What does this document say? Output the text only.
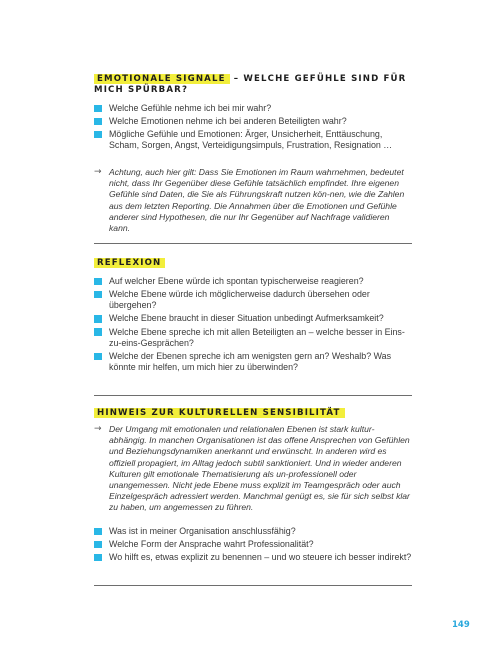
EMOTIONALE SIGNALE – WELCHE GEFÜHLE SIND FÜR MICH SPÜRBAR?
Welche Gefühle nehme ich bei mir wahr?
Welche Emotionen nehme ich bei anderen Beteiligten wahr?
Mögliche Gefühle und Emotionen: Ärger, Unsicherheit, Enttäuschung, Scham, Sorgen, Angst, Verteidigungsimpuls, Frustration, Resignation …
→ Achtung, auch hier gilt: Dass Sie Emotionen im Raum wahrnehmen, bedeutet nicht, dass Ihr Gegenüber diese Gefühle tatsächlich empfindet. Ihre eigenen Gefühle sind Daten, die Sie als Führungskraft nutzen kön-nen, wie die Zahlen aus dem letzten Reporting. Die Annahmen über die Emotionen und Gefühle anderer sind Hypothesen, die nur Ihr Gegenüber auf Nachfrage validieren kann.
REFLEXION
Auf welcher Ebene würde ich spontan typischerweise reagieren?
Welche Ebene würde ich möglicherweise dadurch übersehen oder übergehen?
Welche Ebene braucht in dieser Situation unbedingt Aufmerksamkeit?
Welche Ebene spreche ich mit allen Beteiligten an – welche besser in Eins-zu-eins-Gesprächen?
Welche der Ebenen spreche ich am wenigsten gern an? Weshalb? Was könnte mir helfen, um mich hier zu überwinden?
HINWEIS ZUR KULTURELLEN SENSIBILITÄT
→ Der Umgang mit emotionalen und relationalen Ebenen ist stark kultur-abhängig. In manchen Organisationen ist das offene Ansprechen von Gefühlen und Beziehungsdynamiken anerkannt und erwünscht. In anderen wird es offiziell propagiert, im Alltag jedoch subtil sanktioniert. Und in wieder anderen Kulturen gilt emotionale Thematisierung als un-professionell oder unangemessen. Nicht jede Ebene muss explizit im Teamgespräch oder auch Einzelgespräch adressiert werden. Manchmal genügt es, sie für sich selbst klar zu haben, um angemessen zu führen.
Was ist in meiner Organisation anschlussfähig?
Welche Form der Ansprache wahrt Professionalität?
Wo hilft es, etwas explizit zu benennen – und wo steuere ich besser indirekt?
149
